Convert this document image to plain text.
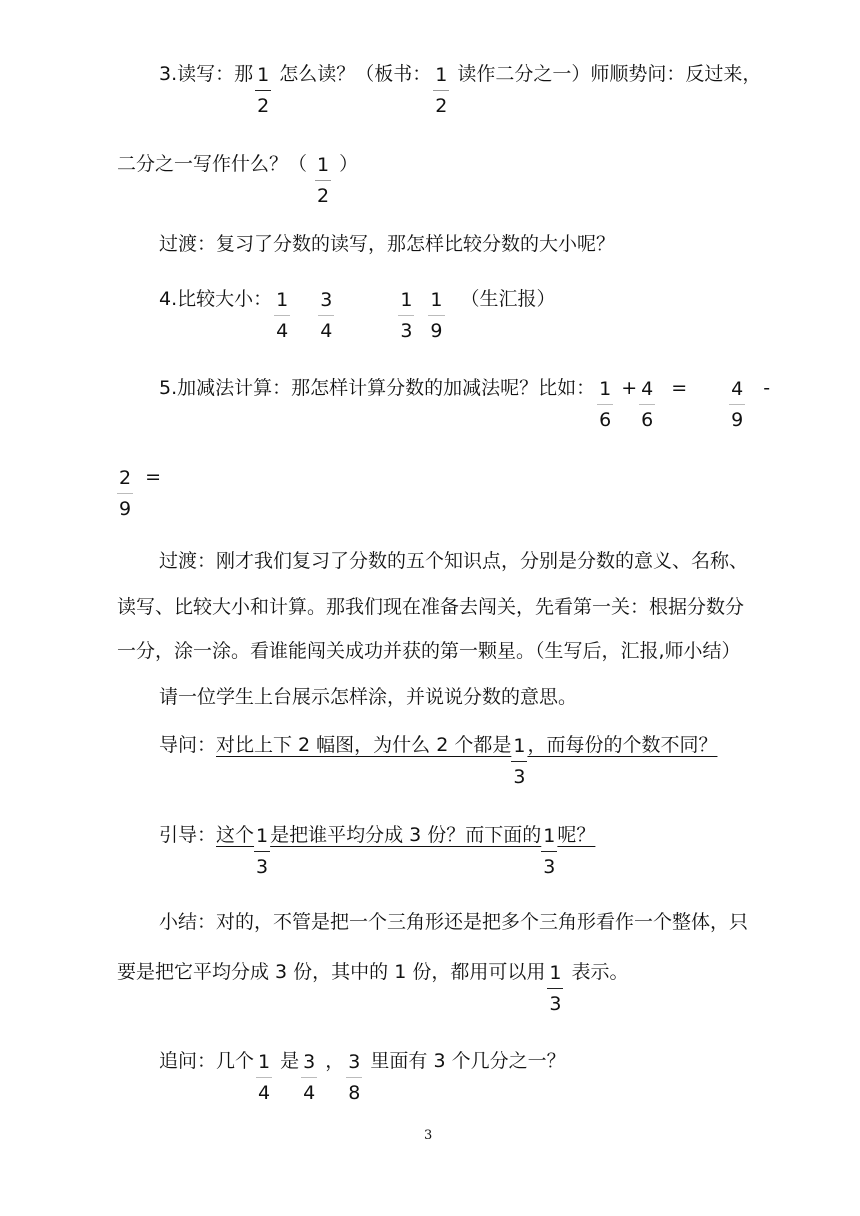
3.读写：那 $\frac{1}{2}$ 怎么读？（板书： $\frac{1}{2}$ 读作二分之一）师顺势问：反过来，
二分之一写作什么？（ $\frac{1}{2}$ ）
过渡：复习了分数的读写，那怎样比较分数的大小呢？
4.比较大小： $\frac{1}{4} \frac{3}{4}$	$\frac{1}{3} \frac{1}{9}$ （生汇报）
5.加减法计算：那怎样计算分数的加减法呢？比如： $\frac{1}{6} + \frac{4}{6} = \frac{4}{9}$ -
$\frac{2}{9}$ =
过渡：刚才我们复习了分数的五个知识点，分别是分数的意义、名称、
读写、比较大小和计算。那我们现在准备去闯关，先看第一关：根据分数分
一分，涂一涂。看谁能闯关成功并获的第一颗星。（生写后，汇报,师小结）
请一位学生上台展示怎样涂，并说说分数的意思。
导问：对比上下 2 幅图，为什么 2 个都是 $\frac{1}{3}$ ，而每份的个数不同？
引导：这个 $\frac{1}{3}$ 是把谁平均分成 3 份？而下面的 $\frac{1}{3}$ 呢？
小结：对的，不管是把一个三角形还是把多个三角形看作一个整体，只
要是把它平均分成 3 份，其中的 1 份，都用可以用 $\frac{1}{3}$ 表示。
追问：几个 $\frac{1}{4}$ 是 $\frac{3}{4}$ ， $\frac{3}{8}$ 里面有 3 个几分之一？
3
